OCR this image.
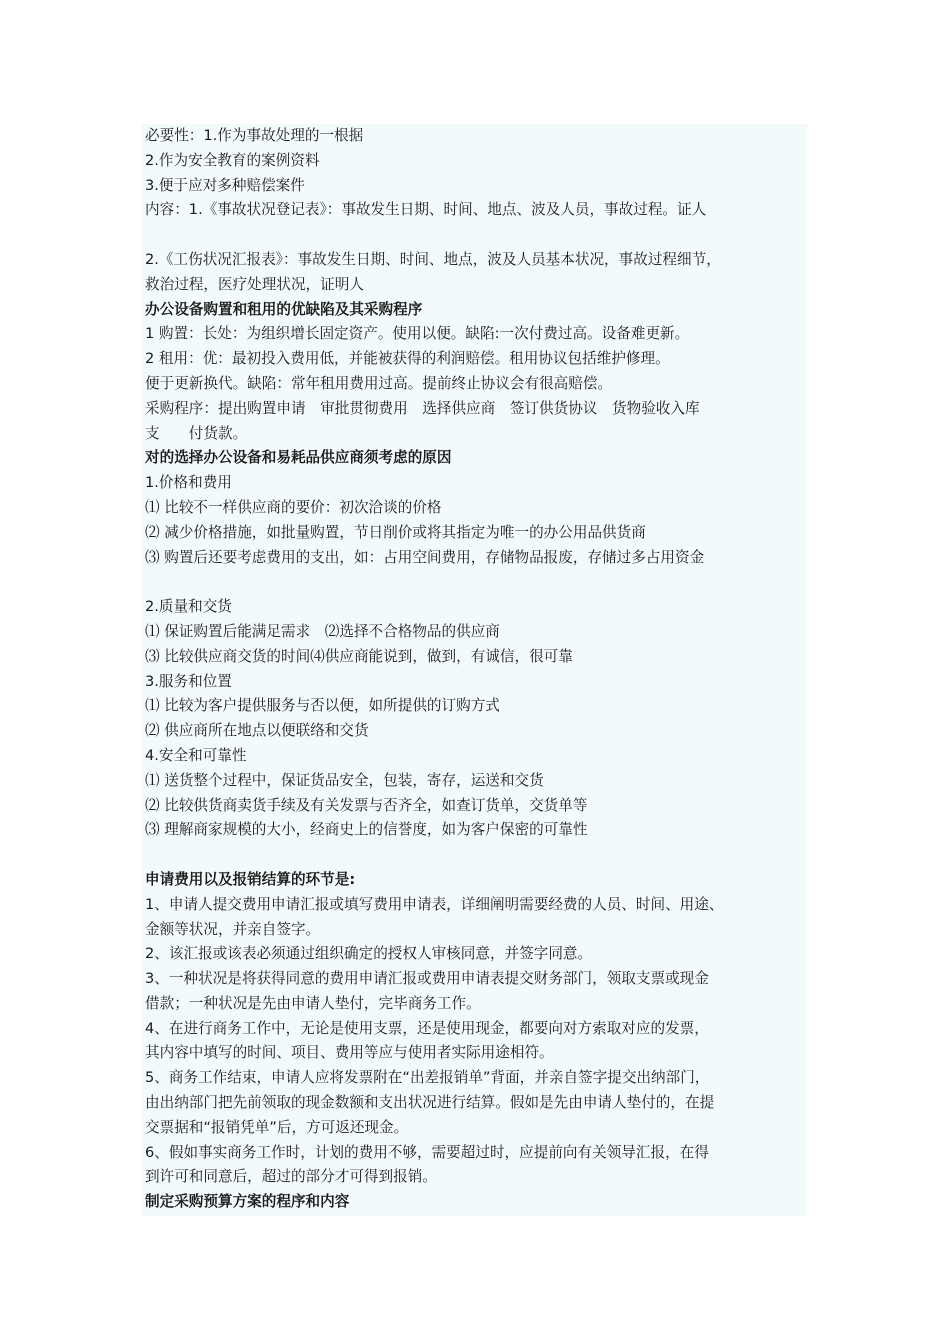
必要性：1.作为事故处理的一根据
2.作为安全教育的案例资料
3.便于应对多种赔偿案件
内容：1.《事故状况登记表》：事故发生日期、时间、地点、波及人员，事故过程。证人
2.《工伤状况汇报表》：事故发生日期、时间、地点，波及人员基本状况，事故过程细节，
救治过程，医疗处理状况，证明人
办公设备购置和租用的优缺陷及其采购程序
1 购置：长处：为组织增长固定资产。使用以便。缺陷:一次付费过高。设备难更新。
2 租用：优：最初投入费用低，并能被获得的利润赔偿。租用协议包括维护修理。
便于更新换代。缺陷：常年租用费用过高。提前终止协议会有很高赔偿。
采购程序：提出购置申请　审批贯彻费用　选择供应商　签订供货协议　货物验收入库
支　　付货款。
对的选择办公设备和易耗品供应商须考虑的原因
1.价格和费用
⑴ 比较不一样供应商的要价：初次洽谈的价格
⑵ 减少价格措施，如批量购置，节日削价或将其指定为唯一的办公用品供货商
⑶ 购置后还要考虑费用的支出，如：占用空间费用，存储物品报废，存储过多占用资金
2.质量和交货
⑴ 保证购置后能满足需求　⑵选择不合格物品的供应商
⑶ 比较供应商交货的时间⑷供应商能说到，做到，有诚信，很可靠
3.服务和位置
⑴ 比较为客户提供服务与否以便，如所提供的订购方式
⑵ 供应商所在地点以便联络和交货
4.安全和可靠性
⑴ 送货整个过程中，保证货品安全，包装，寄存，运送和交货
⑵ 比较供货商卖货手续及有关发票与否齐全，如查订货单，交货单等
⑶ 理解商家规模的大小，经商史上的信誉度，如为客户保密的可靠性
申请费用以及报销结算的环节是:
1、申请人提交费用申请汇报或填写费用申请表，详细阐明需要经费的人员、时间、用途、
金额等状况，并亲自签字。
2、该汇报或该表必须通过组织确定的授权人审核同意，并签字同意。
3、一种状况是将获得同意的费用申请汇报或费用申请表提交财务部门，领取支票或现金
借款；一种状况是先由申请人垫付，完毕商务工作。
4、在进行商务工作中，无论是使用支票，还是使用现金，都要向对方索取对应的发票，
其内容中填写的时间、项目、费用等应与使用者实际用途相符。
5、商务工作结束，申请人应将发票附在“出差报销单”背面，并亲自签字提交出纳部门，
由出纳部门把先前领取的现金数额和支出状况进行结算。假如是先由申请人垫付的，在提
交票据和“报销凭单”后，方可返还现金。
6、假如事实商务工作时，计划的费用不够，需要超过时，应提前向有关领导汇报，在得
到许可和同意后，超过的部分才可得到报销。
制定采购预算方案的程序和内容
